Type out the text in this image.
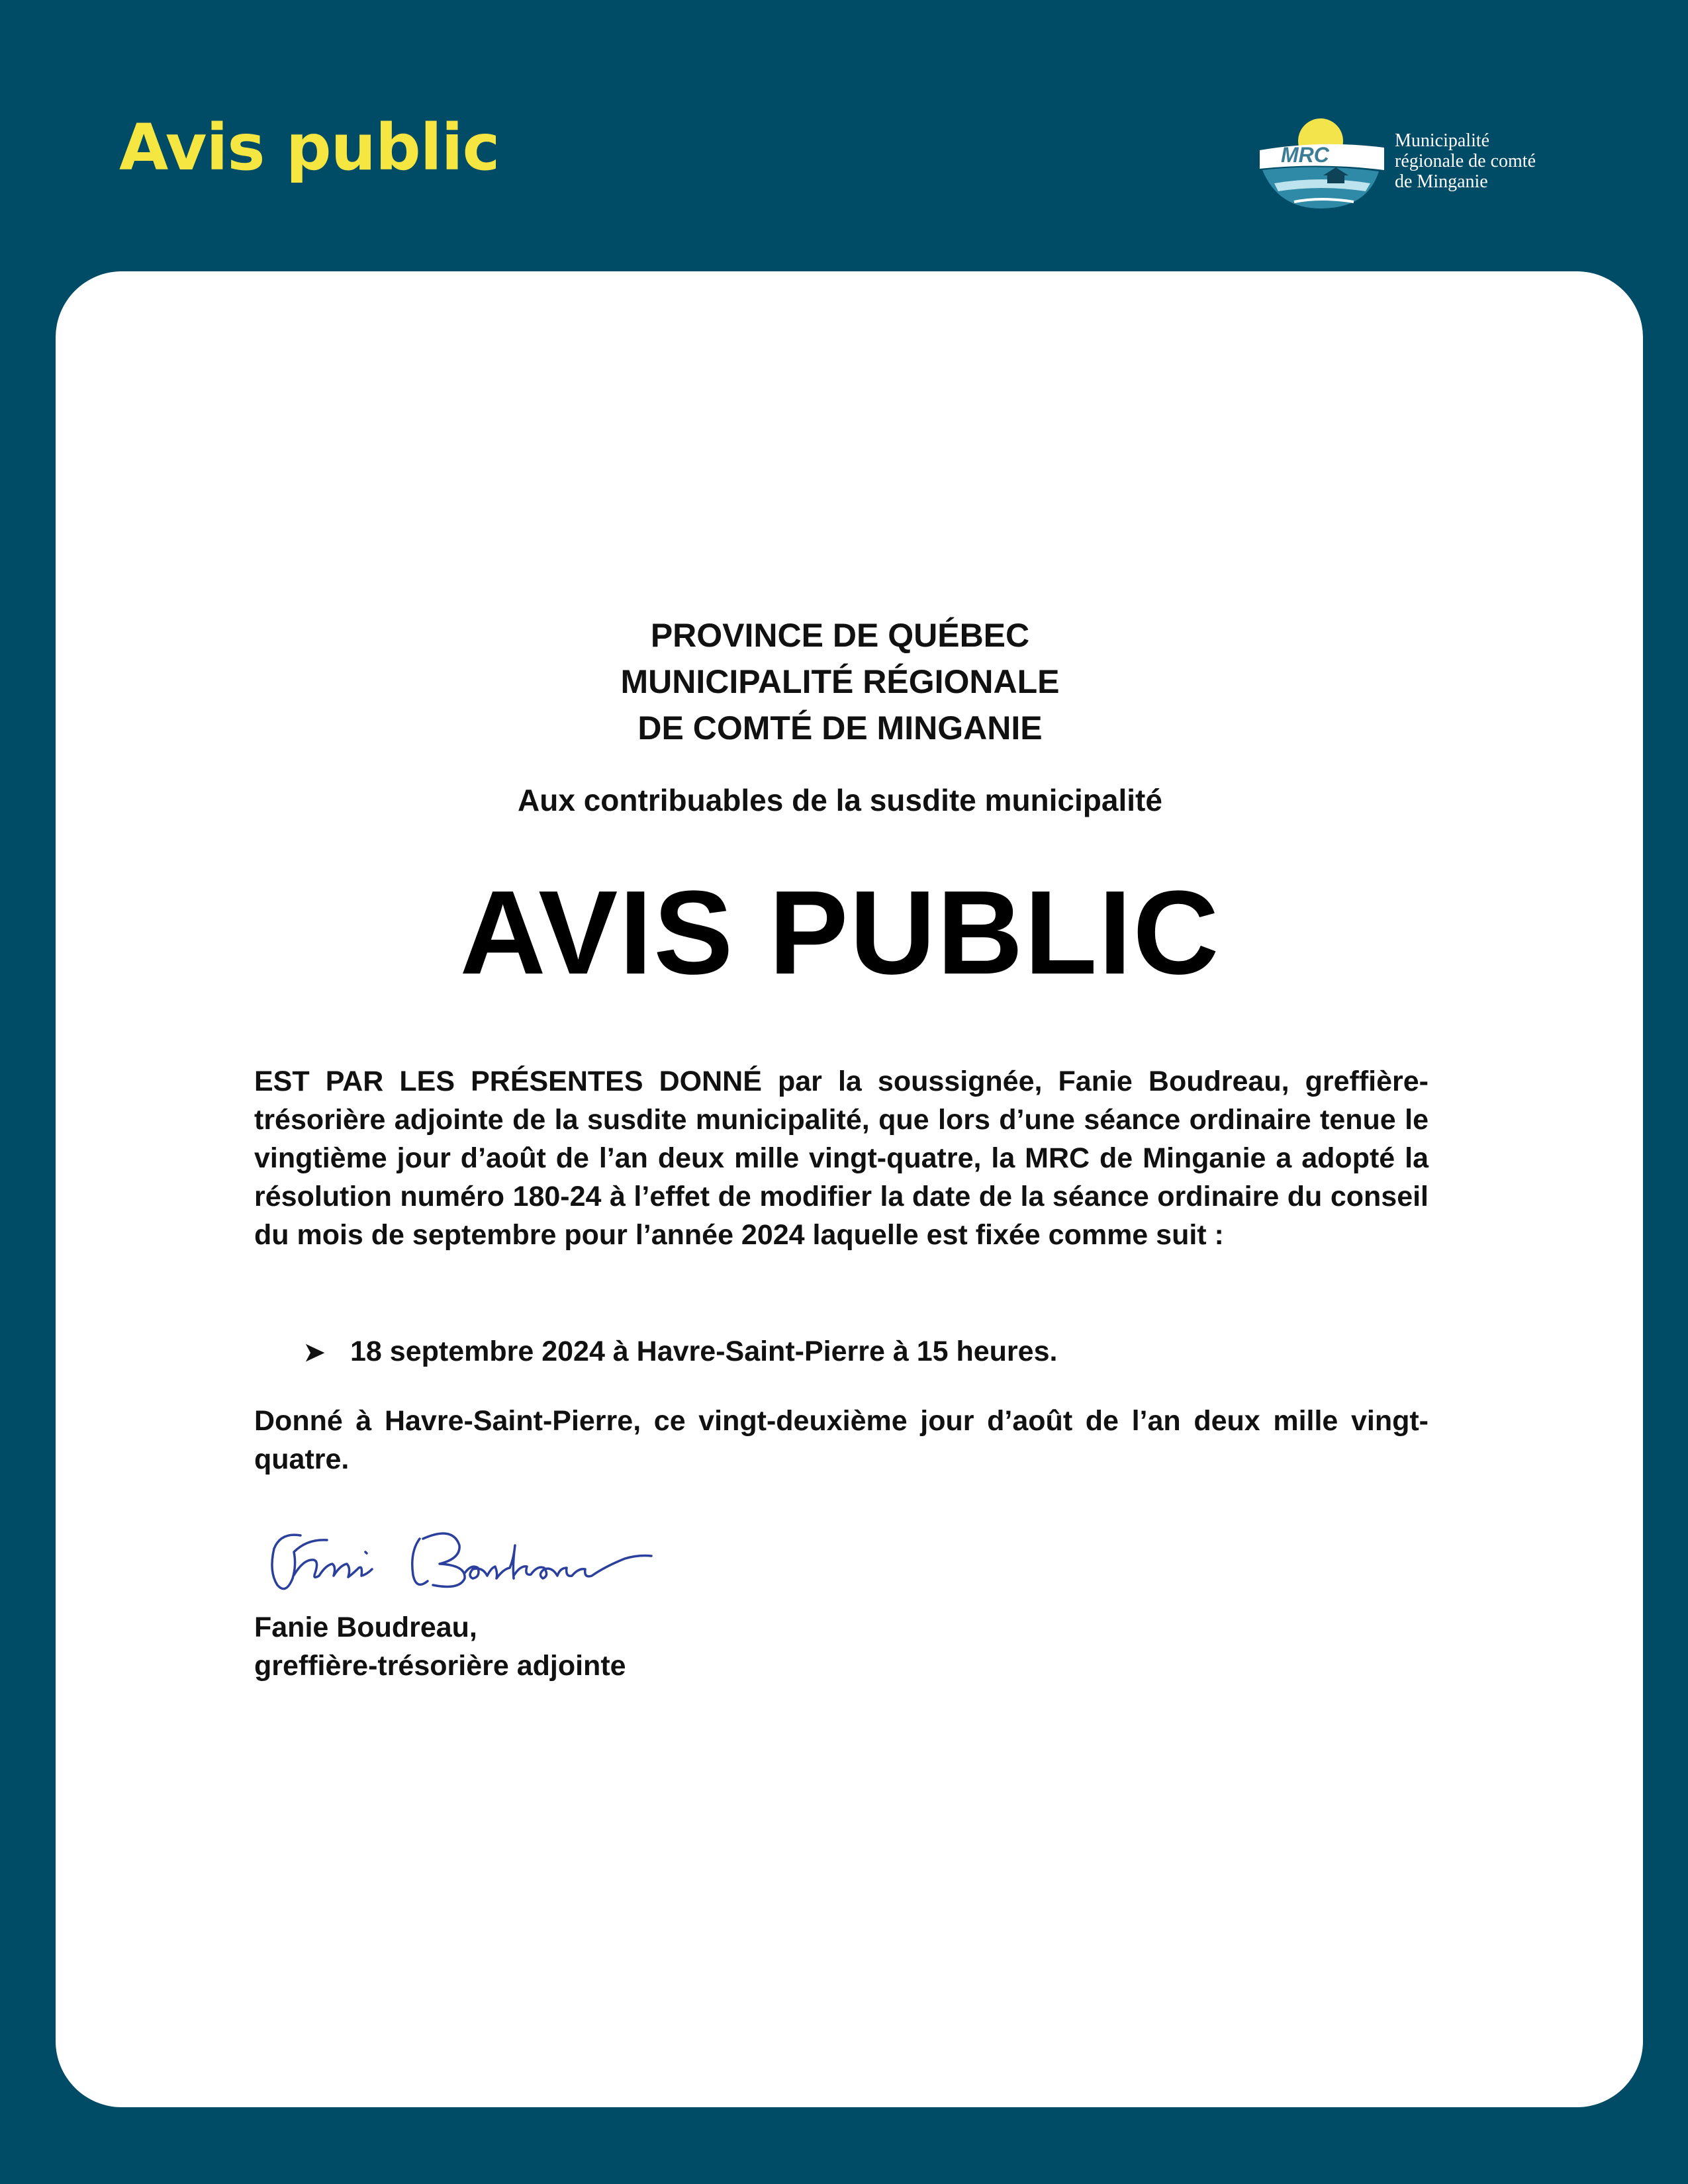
Avis public	MRC
Municipalité
régionale de comté
de Minganie
PROVINCE DE QUÉBEC
MUNICIPALITÉ RÉGIONALE
DE COMTÉ DE MINGANIE
Aux contribuables de la susdite municipalité
AVIS PUBLIC

EST PAR LES PRÉSENTES DONNÉ par la soussignée, Fanie Boudreau, greffière-trésorière adjointe de la susdite municipalité, que lors d’une séance ordinaire tenue le vingtième jour d’août de l’an deux mille vingt-quatre, la MRC de Minganie a adopté la résolution numéro 180-24 à l’effet de modifier la date de la séance ordinaire du conseil du mois de septembre pour l’année 2024 laquelle est fixée comme suit :

➤ 18 septembre 2024 à Havre-Saint-Pierre à 15 heures.

Donné à Havre-Saint-Pierre, ce vingt-deuxième jour d’août de l’an deux mille vingt-quatre.

Fanie Boudreau,
greffière-trésorière adjointe
